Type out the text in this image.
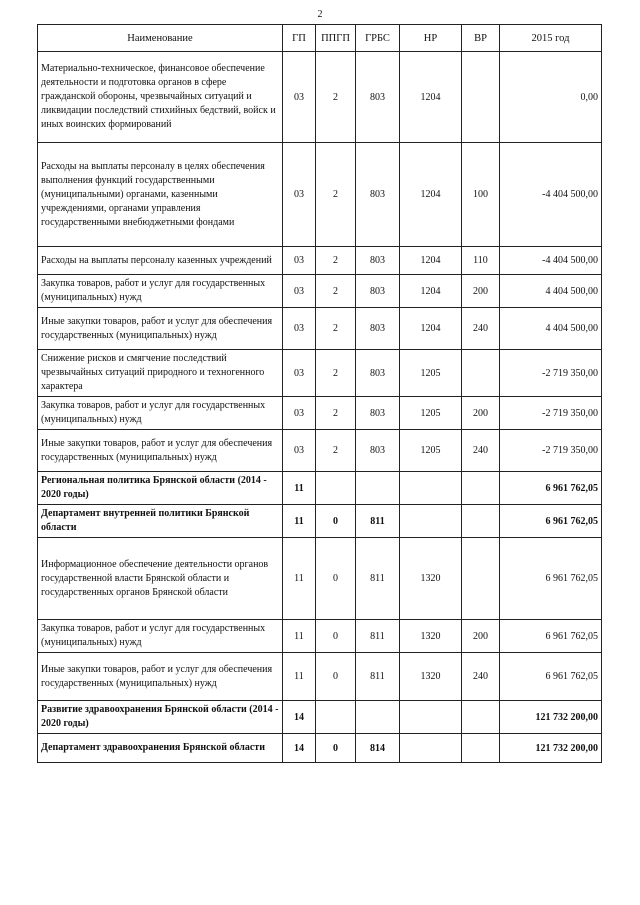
2
Наименование	ГП	ППГП	ГРБС	НР	ВР	2015 год
Материально-техническое, финансовое обеспечение деятельности и подготовка органов в сфере гражданской обороны, чрезвычайных ситуаций и ликвидации последствий стихийных бедствий, войск и иных воинских формирований	03	2	803	1204		0,00
Расходы на выплаты персоналу в целях обеспечения выполнения функций государственными (муниципальными) органами, казенными учреждениями, органами управления государственными внебюджетными фондами	03	2	803	1204	100	-4 404 500,00
Расходы на выплаты персоналу казенных учреждений	03	2	803	1204	110	-4 404 500,00
Закупка товаров, работ и услуг для государственных (муниципальных) нужд	03	2	803	1204	200	4 404 500,00
Иные закупки товаров, работ и услуг для обеспечения государственных (муниципальных) нужд	03	2	803	1204	240	4 404 500,00
Снижение рисков и смягчение последствий чрезвычайных ситуаций природного и техногенного характера	03	2	803	1205		-2 719 350,00
Закупка товаров, работ и услуг для государственных (муниципальных) нужд	03	2	803	1205	200	-2 719 350,00
Иные закупки товаров, работ и услуг для обеспечения государственных (муниципальных) нужд	03	2	803	1205	240	-2 719 350,00
Региональная политика Брянской области (2014 - 2020 годы)	11					6 961 762,05
Департамент внутренней политики Брянской области	11	0	811			6 961 762,05
Информационное обеспечение деятельности органов государственной власти Брянской области и государственных органов Брянской области	11	0	811	1320		6 961 762,05
Закупка товаров, работ и услуг для государственных (муниципальных) нужд	11	0	811	1320	200	6 961 762,05
Иные закупки товаров, работ и услуг для обеспечения государственных (муниципальных) нужд	11	0	811	1320	240	6 961 762,05
Развитие здравоохранения Брянской области (2014 - 2020 годы)	14					121 732 200,00
Департамент здравоохранения Брянской области	14	0	814			121 732 200,00
